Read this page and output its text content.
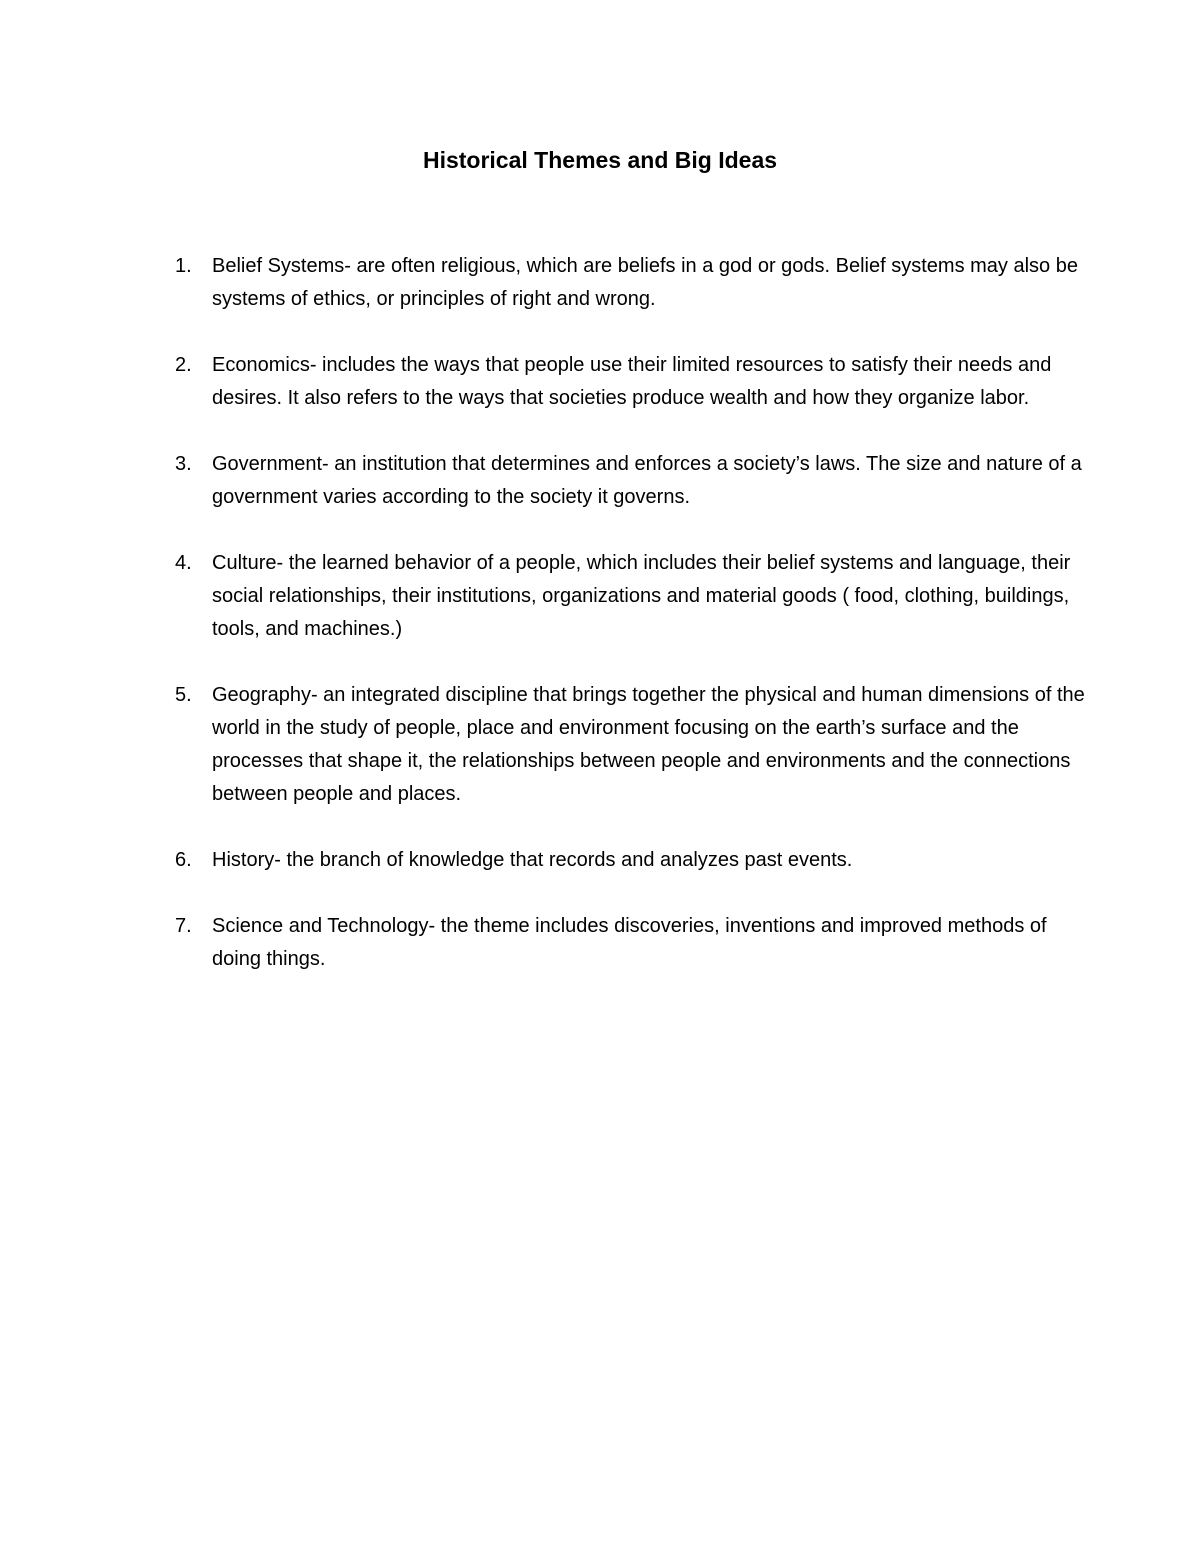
Historical Themes and Big Ideas
1.	Belief Systems- are often religious, which are beliefs in a god or gods. Belief systems may also be systems of ethics, or principles of right and wrong.
2.	Economics- includes the ways that people use their limited resources to satisfy their needs and desires. It also refers to the ways that societies produce wealth and how they organize labor.
3.	Government- an institution that determines and enforces a society’s laws. The size and nature of a government varies according to the society it governs.
4.	Culture- the learned behavior of a people, which includes their belief systems and language, their social relationships, their institutions, organizations and material goods ( food, clothing, buildings, tools, and machines.)
5.	Geography- an integrated discipline that brings together the physical and human dimensions of the world in the study of people, place and environment focusing on the earth’s surface and the processes that shape it, the relationships between people and environments and the connections between people and places.
6.	History- the branch of knowledge that records and analyzes past events.
7.	Science and Technology- the theme includes discoveries, inventions and improved methods of doing things.
